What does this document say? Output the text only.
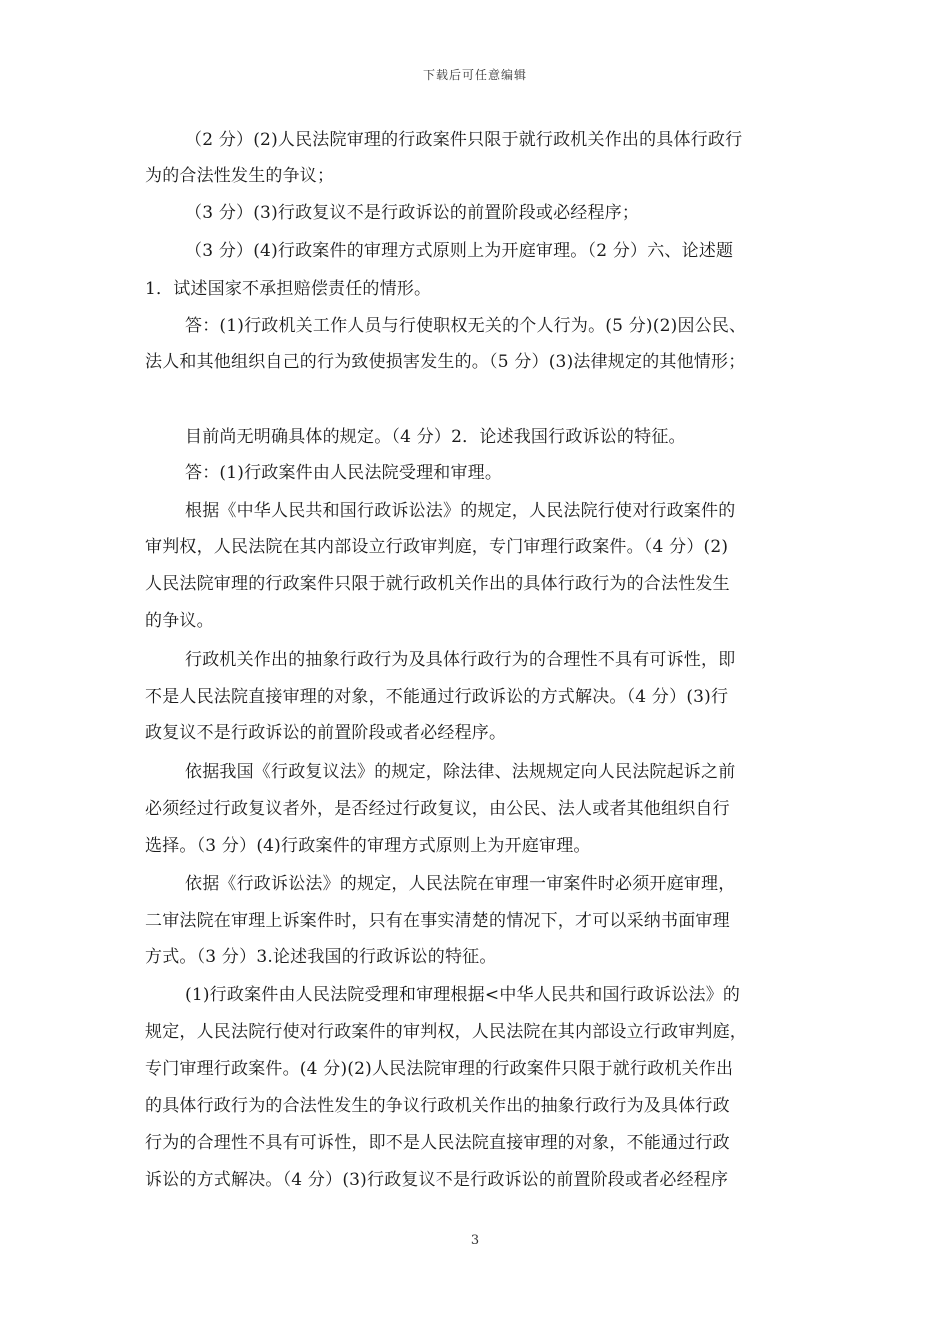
下载后可任意编辑
（2 分）(2)人民法院审理的行政案件只限于就行政机关作出的具体行政行
为的合法性发生的争议；
（3 分）(3)行政复议不是行政诉讼的前置阶段或必经程序；
（3 分）(4)行政案件的审理方式原则上为开庭审理。（2 分）六、论述题
1．试述国家不承担赔偿责任的情形。
答：(1)行政机关工作人员与行使职权无关的个人行为。(5 分)(2)因公民、
法人和其他组织自己的行为致使损害发生的。（5 分）(3)法律规定的其他情形；
目前尚无明确具体的规定。（4 分）2．论述我国行政诉讼的特征。
答：(1)行政案件由人民法院受理和审理。
根据《中华人民共和国行政诉讼法》的规定，人民法院行使对行政案件的
审判权，人民法院在其内部设立行政审判庭，专门审理行政案件。（4 分）(2)
人民法院审理的行政案件只限于就行政机关作出的具体行政行为的合法性发生
的争议。
行政机关作出的抽象行政行为及具体行政行为的合理性不具有可诉性，即
不是人民法院直接审理的对象，不能通过行政诉讼的方式解决。（4 分）(3)行
政复议不是行政诉讼的前置阶段或者必经程序。
依据我国《行政复议法》的规定，除法律、法规规定向人民法院起诉之前
必须经过行政复议者外，是否经过行政复议，由公民、法人或者其他组织自行
选择。（3 分）(4)行政案件的审理方式原则上为开庭审理。
依据《行政诉讼法》的规定，人民法院在审理一审案件时必须开庭审理，
二审法院在审理上诉案件时，只有在事实清楚的情况下，才可以采纳书面审理
方式。（3 分）3.论述我国的行政诉讼的特征。
(1)行政案件由人民法院受理和审理根据<中华人民共和国行政诉讼法》的
规定，人民法院行使对行政案件的审判权，人民法院在其内部设立行政审判庭，
专门审理行政案件。(4 分)(2)人民法院审理的行政案件只限于就行政机关作出
的具体行政行为的合法性发生的争议行政机关作出的抽象行政行为及具体行政
行为的合理性不具有可诉性，即不是人民法院直接审理的对象，不能通过行政
诉讼的方式解决。（4 分）(3)行政复议不是行政诉讼的前置阶段或者必经程序
3
